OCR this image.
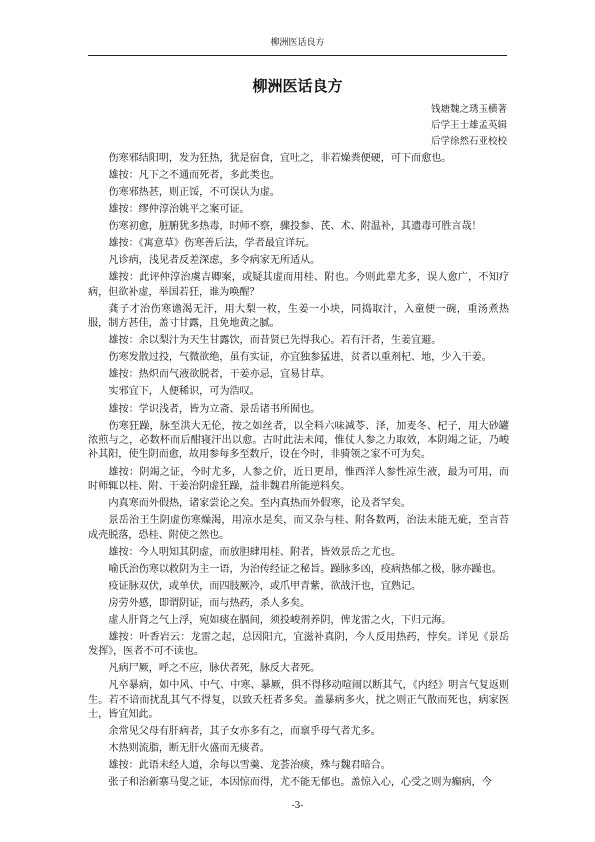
柳洲医话良方
柳洲医话良方
钱塘魏之琇玉横著
后学王士雄孟英辑
后学徐然石亚校校

伤寒邪结阳明，发为狂热，犹是宿食，宜吐之，非若燥粪便硬，可下而愈也。

雄按：凡下之不通而死者，多此类也。

伤寒邪热甚，则正馁，不可误认为虚。

雄按：缪仲淳治姚平之案可证。

伤寒初愈，脏腑犹多热毒，时师不察，骤投参、芪、术、附温补，其遗毒可胜言哉！

雄按：《寓意草》伤寒善后法，学者最宜详玩。

凡诊病，浅见者反差深虑，多令病家无所适从。

雄按：此评仲淳治虞吉卿案，或疑其虚而用桂、附也。今则此辈尤多，误人愈广，不知疗病，但欲补虚，举国若狂，谁为唤醒？

龚子才治伤寒谵渴无汗，用大梨一枚，生姜一小块，同捣取汁，入童便一碗，重汤煮热服，制方甚佳，盖寸甘露，且免地黄之腻。

雄按：余以梨汁为天生甘露饮，而昔贤已先得我心。若有汗者，生姜宜避。

伤寒发散过投，气微欲绝，虽有实证，亦宜独参猛进，贫者以重剂杞、地，少入干姜。

雄按：热炽而气液欲脱者，干姜亦忌，宜易甘草。

实邪宜下，人便稀识，可为浩叹。

雄按：学识浅者，皆为立斋、景岳诸书所囿也。

伤寒狂躁，脉至洪大无伦，按之如丝者，以全料六味减苓、泽，加麦冬、杞子，用大砂罐浓煎与之，必数杯而后酣寝汗出以愈。古时此法未闻，惟仗人参之力取效，本阴竭之证，乃峻补其阳，使生阴而愈，故用参每多至数斤，设在今时，非骑领之家不可为矣。

雄按：阴竭之证，今时尤多，人参之价，近日更昂，惟西洋人参性凉生液，最为可用，而时师辄以桂、附、干姜治阴虚狂躁，益非魏君所能逆料矣。

内真寒而外假热，诸家尝论之矣。至内真热而外假寒，论及者罕矣。

景岳治王生阴虚伤寒燥渴，用凉水是矣，而又杂与桂、附各数两，治法未能无疵，至言苔成壳脱落，恐桂、附使之然也。

雄按：今人明知其阴虚，而放胆肆用桂、附者，皆效景岳之尤也。

喻氏治伤寒以救阴为主一语，为治传经证之秘旨。躁脉多凶，疫病热郁之极，脉亦躁也。

疫证脉双伏，或单伏，而四肢厥冷，或爪甲青紫，欲战汗也，宜熟记。

房劳外感，即谓阴证，而与热药，杀人多矣。

虚人肝肾之气上浮，宛如痰在膈间，须投峻剂养阴，俾龙雷之火，下归元海。

雄按：叶香岩云：龙雷之起，总因阳亢，宜滋补真阴，今人反用热药，悖矣。详见《景岳发挥》，医者不可不读也。

凡病尸厥，呼之不应，脉伏者死，脉反大者死。

凡卒暴病，如中风、中气、中寒、暴厥，俱不得移动喧闹以断其气，《内经》明言气复返则生。若不谙而扰乱其气不得复，以致夭枉者多矣。盖暴病多火，扰之则正气散而死也，病家医士，皆宜知此。

余常见父母有肝病者，其子女亦多有之，而禀乎母气者尤多。

木热则流脂，断无肝火盛而无痰者。

雄按：此语未经人道，余每以雪羹、龙荟治痰，殊与魏君暗合。

张子和治新寨马叟之证，本因惊而得，尤不能无郁也。盖惊入心，心受之则为癫病，今

-3-
